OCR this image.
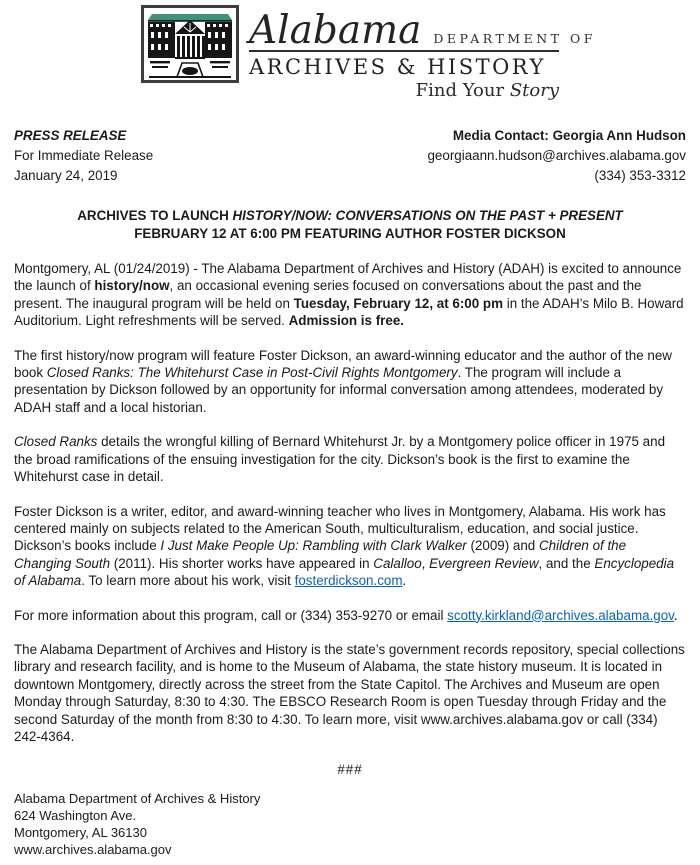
Alabama DEPARTMENT OF
ARCHIVES & HISTORY
Find Your Story
PRESS RELEASE
For Immediate Release
January 24, 2019
Media Contact: Georgia Ann Hudson
georgiaann.hudson@archives.alabama.gov
(334) 353-3312
ARCHIVES TO LAUNCH HISTORY/NOW: CONVERSATIONS ON THE PAST + PRESENT
FEBRUARY 12 AT 6:00 PM FEATURING AUTHOR FOSTER DICKSON

Montgomery, AL (01/24/2019) - The Alabama Department of Archives and History (ADAH) is excited to announce the launch of history/now, an occasional evening series focused on conversations about the past and the present. The inaugural program will be held on Tuesday, February 12, at 6:00 pm in the ADAH’s Milo B. Howard Auditorium. Light refreshments will be served. Admission is free.

The first history/now program will feature Foster Dickson, an award-winning educator and the author of the new book Closed Ranks: The Whitehurst Case in Post-Civil Rights Montgomery. The program will include a presentation by Dickson followed by an opportunity for informal conversation among attendees, moderated by ADAH staff and a local historian.

Closed Ranks details the wrongful killing of Bernard Whitehurst Jr. by a Montgomery police officer in 1975 and the broad ramifications of the ensuing investigation for the city. Dickson’s book is the first to examine the Whitehurst case in detail.

Foster Dickson is a writer, editor, and award-winning teacher who lives in Montgomery, Alabama. His work has centered mainly on subjects related to the American South, multiculturalism, education, and social justice. Dickson’s books include I Just Make People Up: Rambling with Clark Walker (2009) and Children of the Changing South (2011). His shorter works have appeared in Calalloo, Evergreen Review, and the Encyclopedia of Alabama. To learn more about his work, visit fosterdickson.com.

For more information about this program, call or (334) 353-9270 or email scotty.kirkland@archives.alabama.gov.

The Alabama Department of Archives and History is the state’s government records repository, special collections library and research facility, and is home to the Museum of Alabama, the state history museum. It is located in downtown Montgomery, directly across the street from the State Capitol. The Archives and Museum are open Monday through Saturday, 8:30 to 4:30. The EBSCO Research Room is open Tuesday through Friday and the second Saturday of the month from 8:30 to 4:30. To learn more, visit www.archives.alabama.gov or call (334) 242-4364.

###
Alabama Department of Archives & History
624 Washington Ave.
Montgomery, AL 36130
www.archives.alabama.gov
